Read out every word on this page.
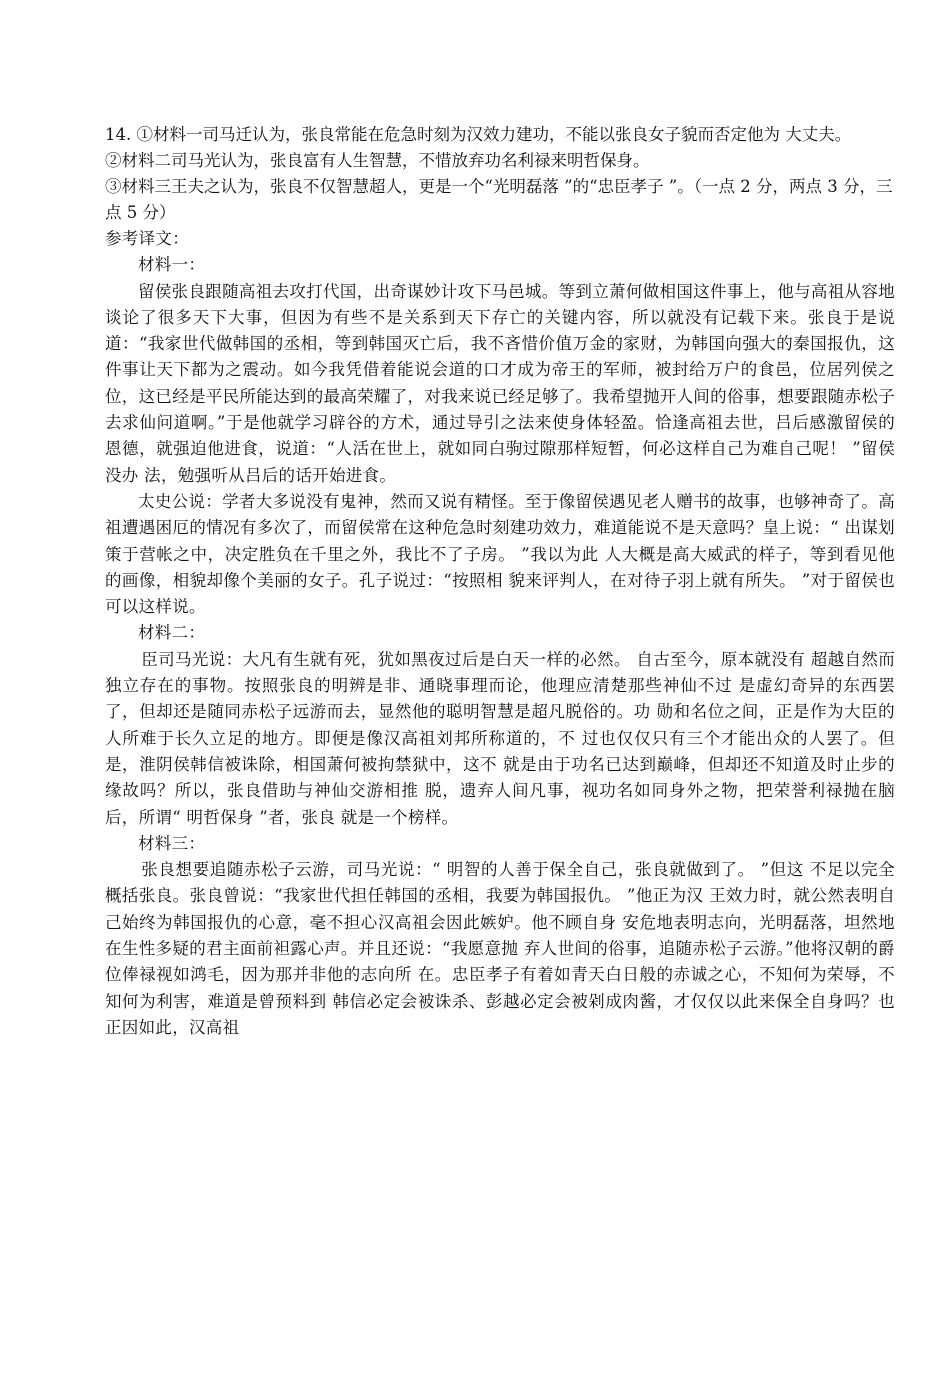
14. ①材料一司马迁认为，张良常能在危急时刻为汉效力建功，不能以张良女子貌而否定他为 大丈夫。

②材料二司马光认为，张良富有人生智慧，不惜放弃功名利禄来明哲保身。

③材料三王夫之认为，张良不仅智慧超人，更是一个“光明磊落 ”的“忠臣孝子 ”。（一点 2 分，两点 3 分，三点 5 分）

参考译文：

材料一：

留侯张良跟随高祖去攻打代国，出奇谋妙计攻下马邑城。等到立萧何做相国这件事上，他与高祖从容地谈论了很多天下大事，但因为有些不是关系到天下存亡的关键内容，所以就没有记载下来。张良于是说道：“我家世代做韩国的丞相，等到韩国灭亡后，我不吝惜价值万金的家财，为韩国向强大的秦国报仇，这件事让天下都为之震动。如今我凭借着能说会道的口才成为帝王的军师，被封给万户的食邑，位居列侯之位，这已经是平民所能达到的最高荣耀了，对我来说已经足够了。我希望抛开人间的俗事，想要跟随赤松子去求仙问道啊。”于是他就学习辟谷的方术，通过导引之法来使身体轻盈。恰逢高祖去世，吕后感激留侯的恩德，就强迫他进食，说道：“人活在世上，就如同白驹过隙那样短暂，何必这样自己为难自己呢！ ”留侯没办 法，勉强听从吕后的话开始进食。

太史公说：学者大多说没有鬼神，然而又说有精怪。至于像留侯遇见老人赠书的故事，也够神奇了。高祖遭遇困厄的情况有多次了，而留侯常在这种危急时刻建功效力，难道能说不是天意吗？皇上说：“ 出谋划策于营帐之中，决定胜负在千里之外，我比不了子房。 ”我以为此 人大概是高大威武的样子，等到看见他的画像，相貌却像个美丽的女子。孔子说过：“按照相 貌来评判人，在对待子羽上就有所失。 ”对于留侯也可以这样说。

材料二：

臣司马光说：大凡有生就有死，犹如黑夜过后是白天一样的必然。 自古至今，原本就没有 超越自然而独立存在的事物。按照张良的明辨是非、通晓事理而论，他理应清楚那些神仙不过 是虚幻奇异的东西罢了，但却还是随同赤松子远游而去，显然他的聪明智慧是超凡脱俗的。功 勋和名位之间，正是作为大臣的人所难于长久立足的地方。即便是像汉高祖刘邦所称道的，不 过也仅仅只有三个才能出众的人罢了。但是，淮阴侯韩信被诛除，相国萧何被拘禁狱中，这不 就是由于功名已达到巅峰，但却还不知道及时止步的缘故吗？所以，张良借助与神仙交游相推 脱，遗弃人间凡事，视功名如同身外之物，把荣誉利禄抛在脑后，所谓“ 明哲保身 ”者，张良 就是一个榜样。

材料三：

张良想要追随赤松子云游，司马光说：“ 明智的人善于保全自己，张良就做到了。 ”但这 不足以完全概括张良。张良曾说：“我家世代担任韩国的丞相，我要为韩国报仇。 ”他正为汉 王效力时，就公然表明自己始终为韩国报仇的心意，毫不担心汉高祖会因此嫉妒。他不顾自身 安危地表明志向，光明磊落，坦然地在生性多疑的君主面前袒露心声。并且还说：“我愿意抛 弃人世间的俗事，追随赤松子云游。”他将汉朝的爵位俸禄视如鸿毛，因为那并非他的志向所 在。忠臣孝子有着如青天白日般的赤诚之心，不知何为荣辱，不知何为利害，难道是曾预料到 韩信必定会被诛杀、彭越必定会被剁成肉酱，才仅仅以此来保全自身吗？也正因如此，汉高祖
